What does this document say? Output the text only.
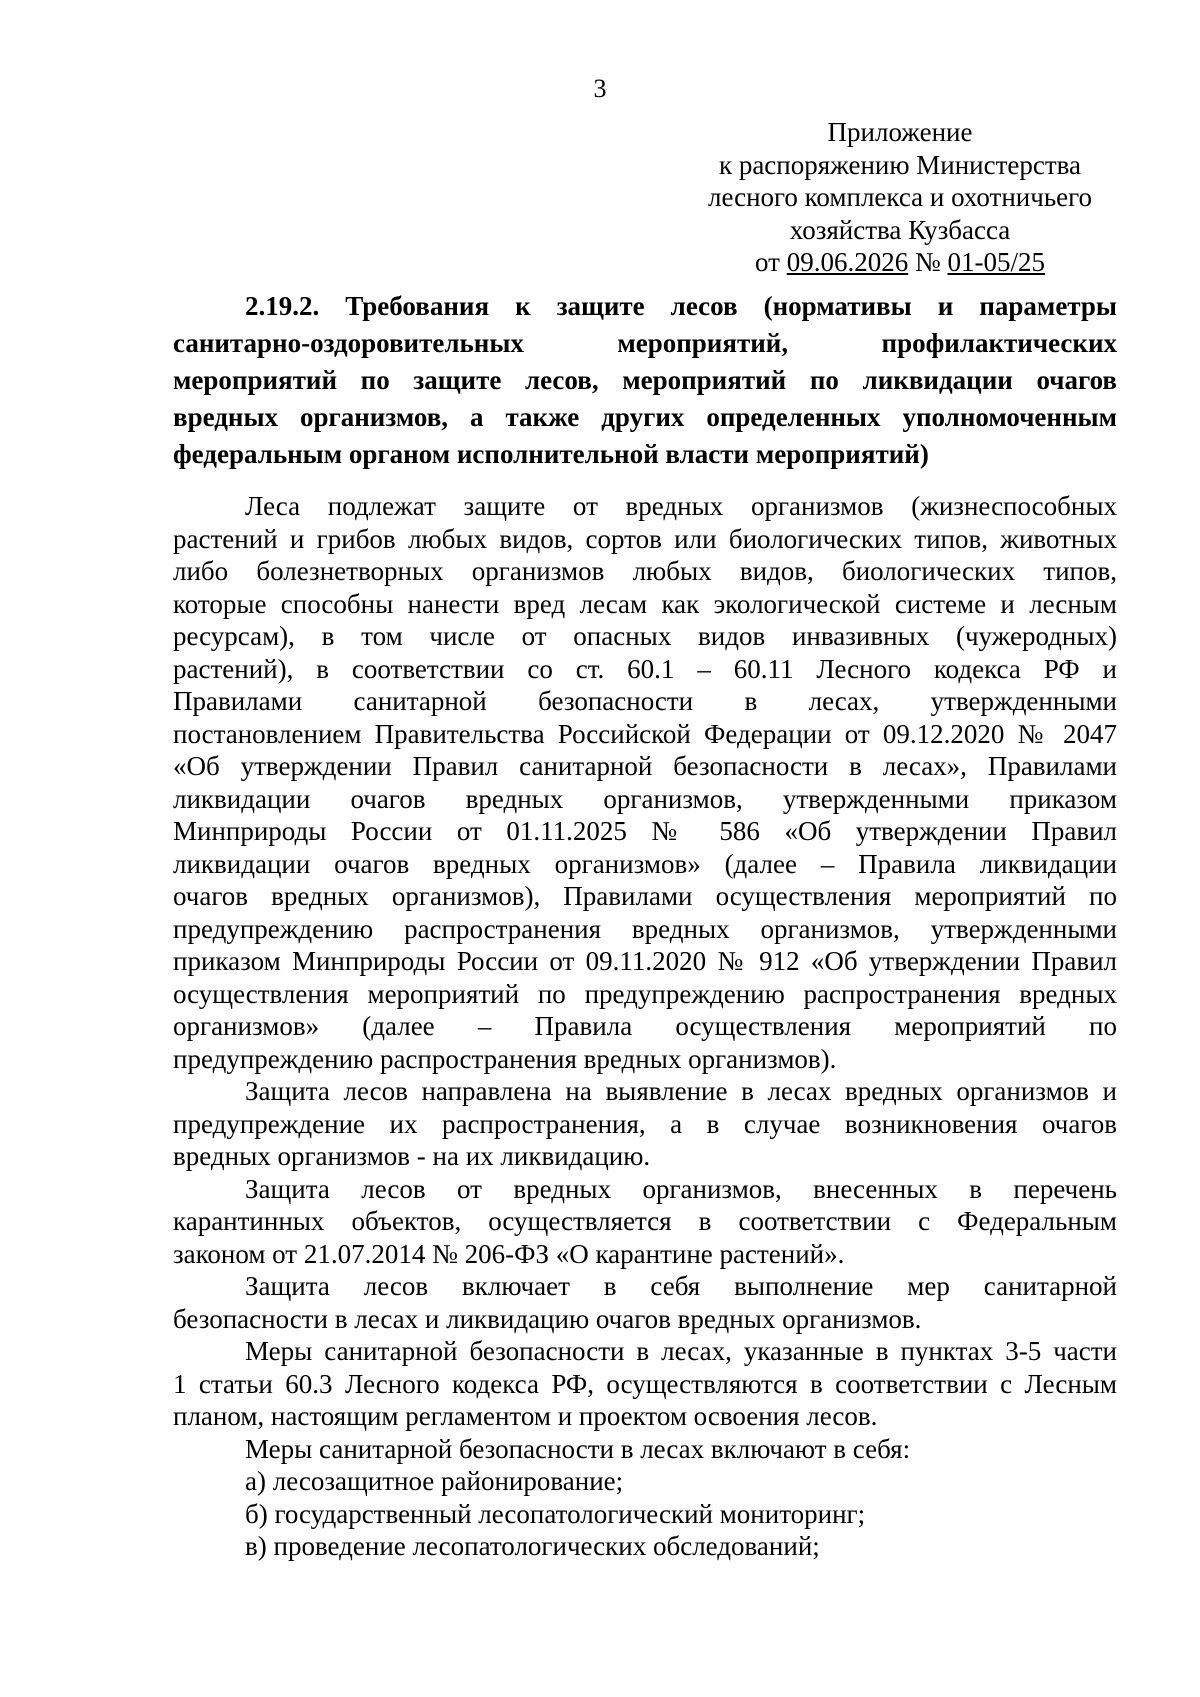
3
Приложение
к распоряжению Министерства
лесного комплекса и охотничьего
хозяйства Кузбасса
от 09.06.2026 № 01-05/25
2.19.2. Требования к защите лесов (нормативы и параметры
санитарно-оздоровительных мероприятий, профилактических
мероприятий по защите лесов, мероприятий по ликвидации очагов
вредных организмов, а также других определенных уполномоченным
федеральным органом исполнительной власти мероприятий)
Леса подлежат защите от вредных организмов (жизнеспособных
растений и грибов любых видов, сортов или биологических типов, животных
либо болезнетворных организмов любых видов, биологических типов,
которые способны нанести вред лесам как экологической системе и лесным
ресурсам), в том числе от опасных видов инвазивных (чужеродных)
растений), в соответствии со ст. 60.1 – 60.11 Лесного кодекса РФ и
Правилами санитарной безопасности в лесах, утвержденными
постановлением Правительства Российской Федерации от 09.12.2020 № 2047
«Об утверждении Правил санитарной безопасности в лесах», Правилами
ликвидации очагов вредных организмов, утвержденными приказом
Минприроды России от 01.11.2025 № 586 «Об утверждении Правил
ликвидации очагов вредных организмов» (далее – Правила ликвидации
очагов вредных организмов), Правилами осуществления мероприятий по
предупреждению распространения вредных организмов, утвержденными
приказом Минприроды России от 09.11.2020 № 912 «Об утверждении Правил
осуществления мероприятий по предупреждению распространения вредных
организмов» (далее – Правила осуществления мероприятий по
предупреждению распространения вредных организмов).
Защита лесов направлена на выявление в лесах вредных организмов и
предупреждение их распространения, а в случае возникновения очагов
вредных организмов - на их ликвидацию.
Защита лесов от вредных организмов, внесенных в перечень
карантинных объектов, осуществляется в соответствии с Федеральным
законом от 21.07.2014 № 206-ФЗ «О карантине растений».
Защита лесов включает в себя выполнение мер санитарной
безопасности в лесах и ликвидацию очагов вредных организмов.
Меры санитарной безопасности в лесах, указанные в пунктах 3-5 части
1 статьи 60.3 Лесного кодекса РФ, осуществляются в соответствии с Лесным
планом, настоящим регламентом и проектом освоения лесов.
Меры санитарной безопасности в лесах включают в себя:
а) лесозащитное районирование;
б) государственный лесопатологический мониторинг;
в) проведение лесопатологических обследований;
